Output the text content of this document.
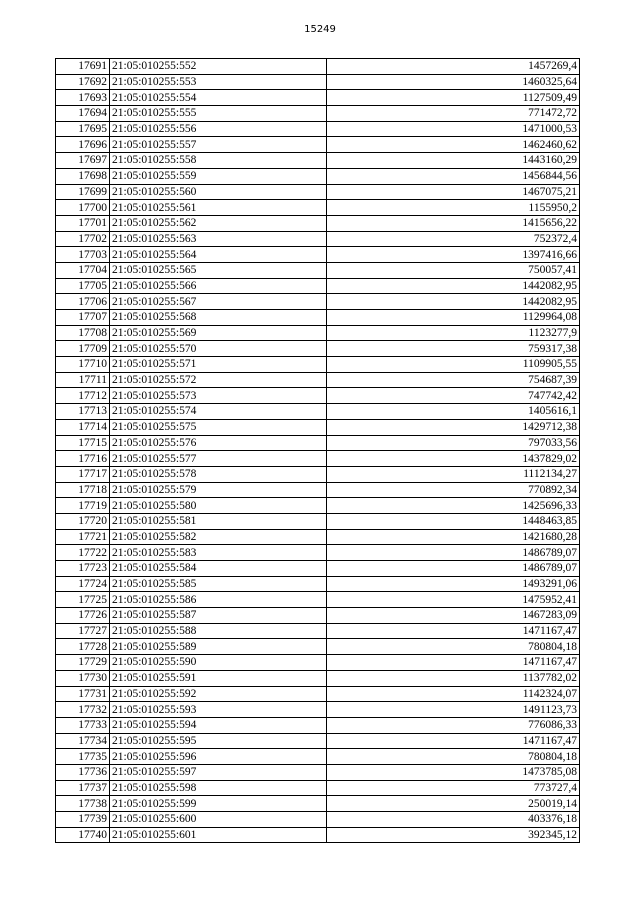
15249
17691	21:05:010255:552	1457269,4
17692	21:05:010255:553	1460325,64
17693	21:05:010255:554	1127509,49
17694	21:05:010255:555	771472,72
17695	21:05:010255:556	1471000,53
17696	21:05:010255:557	1462460,62
17697	21:05:010255:558	1443160,29
17698	21:05:010255:559	1456844,56
17699	21:05:010255:560	1467075,21
17700	21:05:010255:561	1155950,2
17701	21:05:010255:562	1415656,22
17702	21:05:010255:563	752372,4
17703	21:05:010255:564	1397416,66
17704	21:05:010255:565	750057,41
17705	21:05:010255:566	1442082,95
17706	21:05:010255:567	1442082,95
17707	21:05:010255:568	1129964,08
17708	21:05:010255:569	1123277,9
17709	21:05:010255:570	759317,38
17710	21:05:010255:571	1109905,55
17711	21:05:010255:572	754687,39
17712	21:05:010255:573	747742,42
17713	21:05:010255:574	1405616,1
17714	21:05:010255:575	1429712,38
17715	21:05:010255:576	797033,56
17716	21:05:010255:577	1437829,02
17717	21:05:010255:578	1112134,27
17718	21:05:010255:579	770892,34
17719	21:05:010255:580	1425696,33
17720	21:05:010255:581	1448463,85
17721	21:05:010255:582	1421680,28
17722	21:05:010255:583	1486789,07
17723	21:05:010255:584	1486789,07
17724	21:05:010255:585	1493291,06
17725	21:05:010255:586	1475952,41
17726	21:05:010255:587	1467283,09
17727	21:05:010255:588	1471167,47
17728	21:05:010255:589	780804,18
17729	21:05:010255:590	1471167,47
17730	21:05:010255:591	1137782,02
17731	21:05:010255:592	1142324,07
17732	21:05:010255:593	1491123,73
17733	21:05:010255:594	776086,33
17734	21:05:010255:595	1471167,47
17735	21:05:010255:596	780804,18
17736	21:05:010255:597	1473785,08
17737	21:05:010255:598	773727,4
17738	21:05:010255:599	250019,14
17739	21:05:010255:600	403376,18
17740	21:05:010255:601	392345,12
